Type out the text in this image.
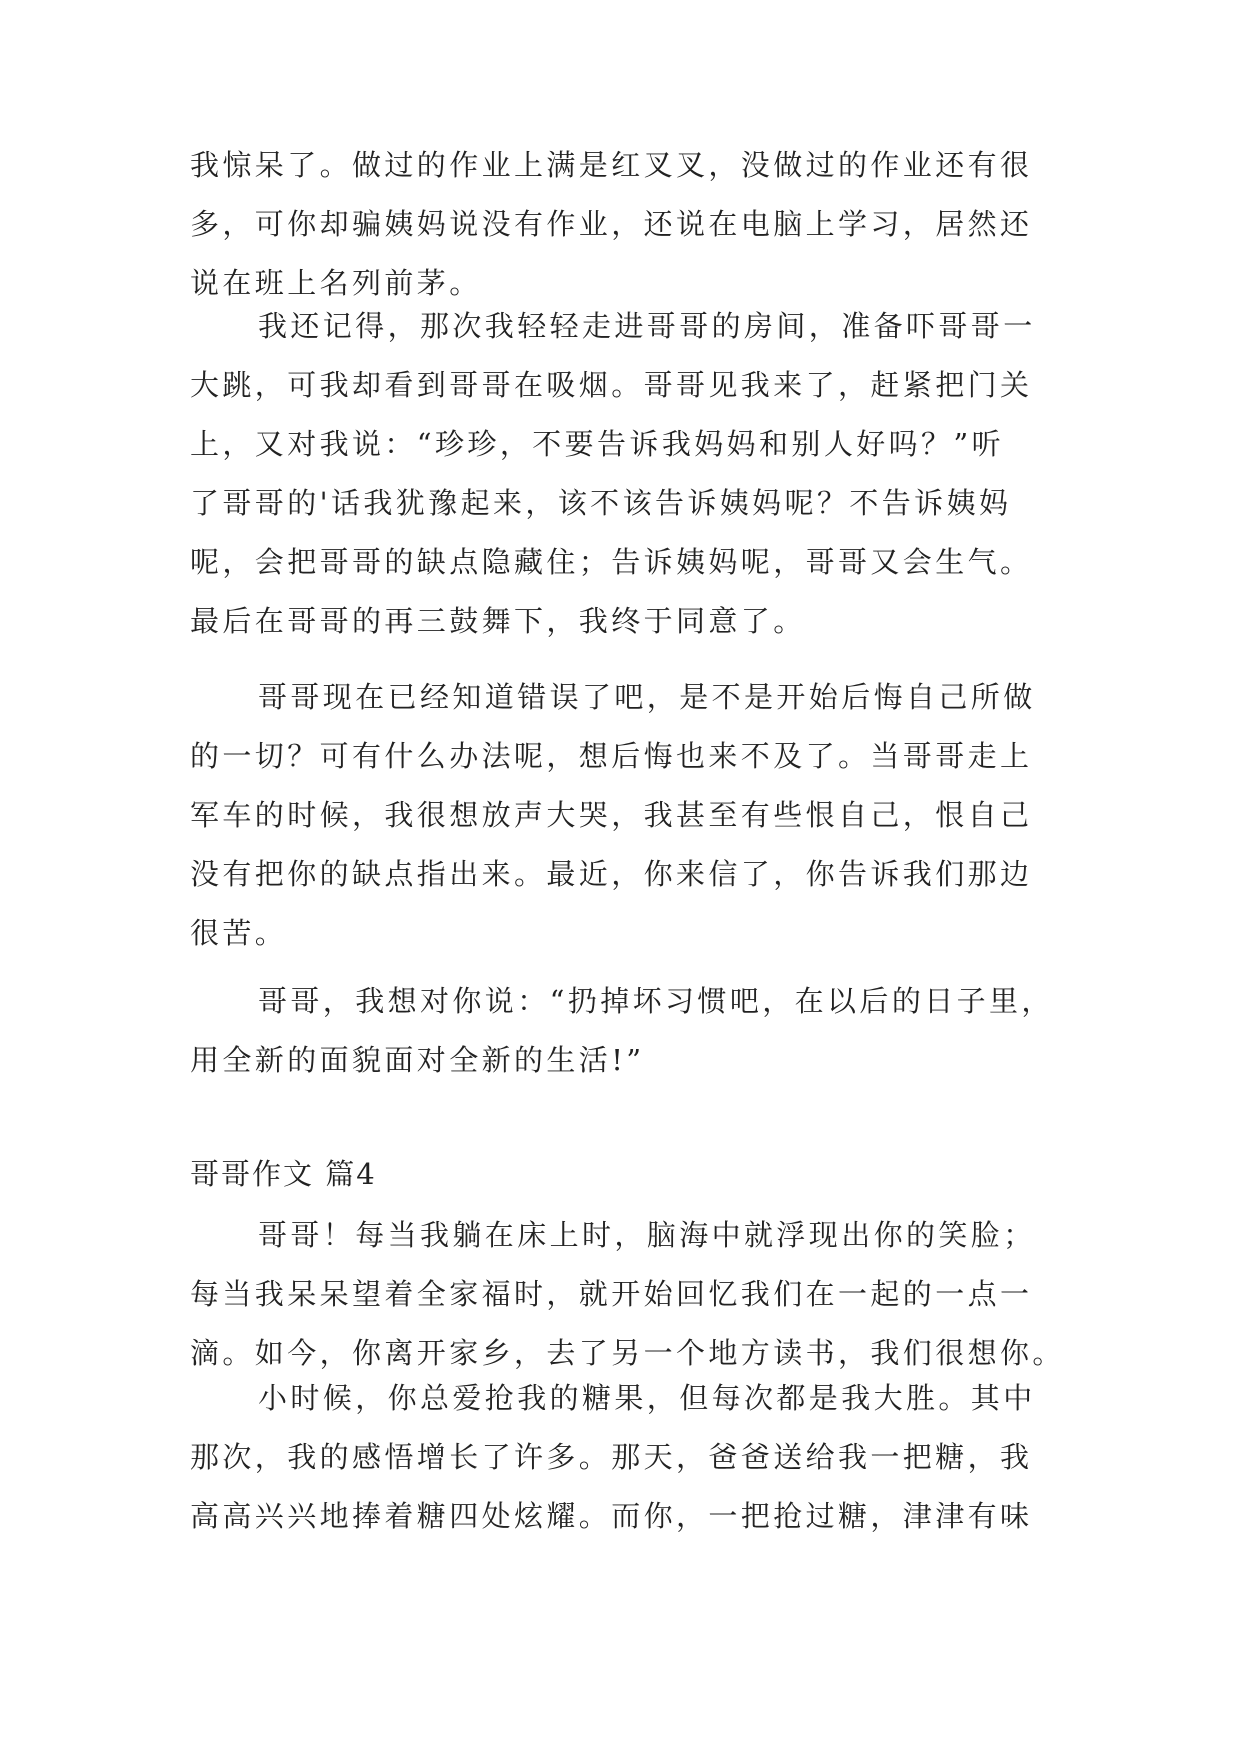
我惊呆了。做过的作业上满是红叉叉，没做过的作业还有很
多，可你却骗姨妈说没有作业，还说在电脑上学习，居然还
说在班上名列前茅。
我还记得，那次我轻轻走进哥哥的房间，准备吓哥哥一
大跳，可我却看到哥哥在吸烟。哥哥见我来了，赶紧把门关
上，又对我说：“珍珍，不要告诉我妈妈和别人好吗？”听
了哥哥的'话我犹豫起来，该不该告诉姨妈呢？不告诉姨妈
呢，会把哥哥的缺点隐藏住；告诉姨妈呢，哥哥又会生气。
最后在哥哥的再三鼓舞下，我终于同意了。
哥哥现在已经知道错误了吧，是不是开始后悔自己所做
的一切？可有什么办法呢，想后悔也来不及了。当哥哥走上
军车的时候，我很想放声大哭，我甚至有些恨自己，恨自己
没有把你的缺点指出来。最近，你来信了，你告诉我们那边
很苦。
哥哥，我想对你说：“扔掉坏习惯吧，在以后的日子里，
用全新的面貌面对全新的生活!”
哥哥作文 篇4
哥哥！每当我躺在床上时，脑海中就浮现出你的笑脸；
每当我呆呆望着全家福时，就开始回忆我们在一起的一点一
滴。如今，你离开家乡，去了另一个地方读书，我们很想你。
小时候，你总爱抢我的糖果，但每次都是我大胜。其中
那次，我的感悟增长了许多。那天，爸爸送给我一把糖，我
高高兴兴地捧着糖四处炫耀。而你，一把抢过糖，津津有味
